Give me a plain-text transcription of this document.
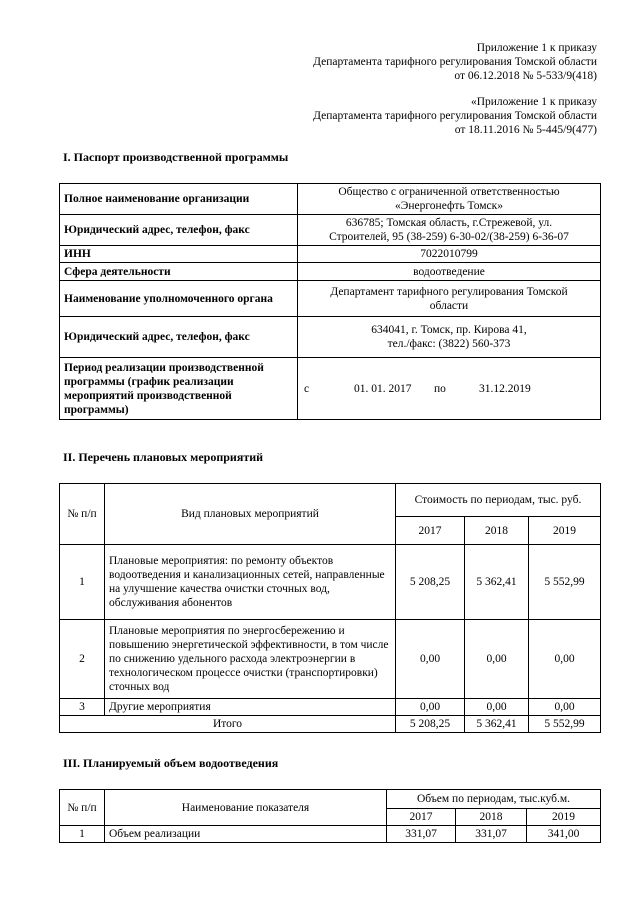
Приложение 1 к приказу
Департамента тарифного регулирования Томской области
от 06.12.2018 № 5-533/9(418)
«Приложение 1 к приказу
Департамента тарифного регулирования Томской области
от 18.11.2016 № 5-445/9(477)
I. Паспорт производственной программы
Полное наименование организации	Общество с ограниченной ответственностью
«Энергонефть Томск»

Юридический адрес, телефон, факс	636785; Томская область, г.Стрежевой, ул.
Строителей, 95 (38-259) 6-30-02/(38-259) 6-36-07

ИНН	7022010799
Сфера деятельности	водоотведение
Наименование уполномоченного органа	Департамент тарифного регулирования Томской
области

Юридический адрес, телефон, факс	634041, г. Томск, пр. Кирова 41,
тел./факс: (3822) 560-373

Период реализации производственной программы (график реализации мероприятий производственной программы)	с 01. 01. 2017 по 31.12.2019
II. Перечень плановых мероприятий
№ п/п	Вид плановых мероприятий	Стоимость по периодам, тыс. руб.		
		2017	2018	2019
1	Плановые мероприятия: по ремонту объектов водоотведения и канализационных сетей, направленные на улучшение качества очистки сточных вод, обслуживания абонентов	5 208,25	5 362,41	5 552,99
2	Плановые мероприятия по энергосбережению и повышению энергетической эффективности, в том числе по снижению удельного расхода электроэнергии в технологическом процессе очистки (транспортировки) сточных вод	0,00	0,00	0,00
3	Другие мероприятия	0,00	0,00	0,00
Итого		5 208,25	5 362,41	5 552,99
III. Планируемый объем водоотведения
№ п/п	Наименование показателя	Объем по периодам, тыс.куб.м.		
		2017	2018	2019
1	Объем реализации	331,07	331,07	341,00
